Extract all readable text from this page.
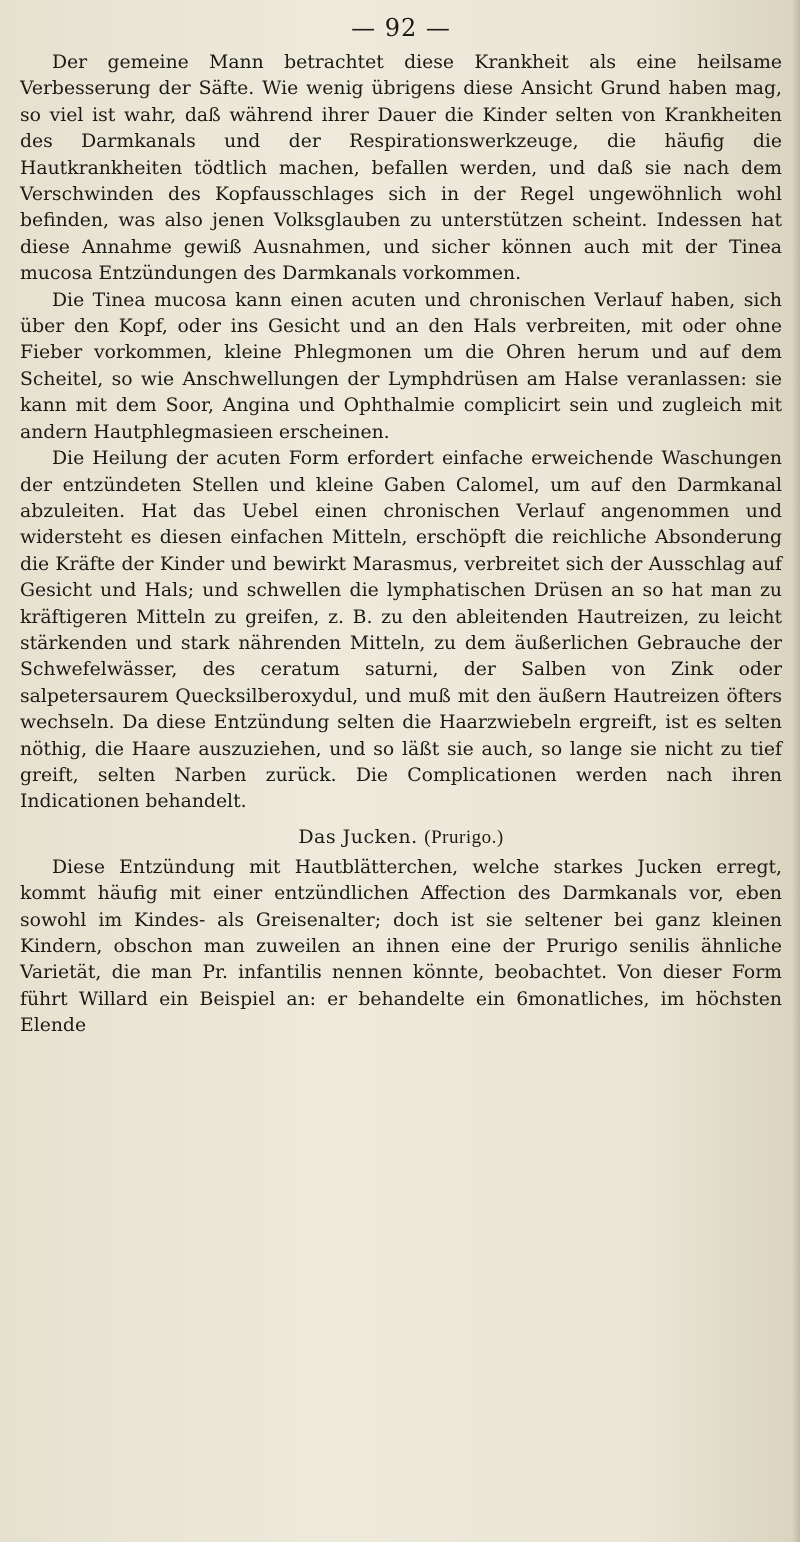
— 92 —

Der gemeine Mann betrachtet diese Krankheit als eine heilsame Verbesserung der Säfte. Wie wenig übrigens diese Ansicht Grund haben mag, so viel ist wahr, daß während ihrer Dauer die Kinder selten von Krankheiten des Darmkanals und der Respirationswerkzeuge, die häufig die Hautkrankheiten tödtlich machen, befallen werden, und daß sie nach dem Verschwinden des Kopfausschlages sich in der Regel ungewöhnlich wohl befinden, was also jenen Volksglauben zu unterstützen scheint. Indessen hat diese Annahme gewiß Ausnahmen, und sicher können auch mit der Tinea mucosa Entzündungen des Darmkanals vorkommen.

Die Tinea mucosa kann einen acuten und chronischen Verlauf haben, sich über den Kopf, oder ins Gesicht und an den Hals verbreiten, mit oder ohne Fieber vorkommen, kleine Phlegmonen um die Ohren herum und auf dem Scheitel, so wie Anschwellungen der Lymphdrüsen am Halse veranlassen: sie kann mit dem Soor, Angina und Ophthalmie complicirt sein und zugleich mit andern Hautphlegmasieen erscheinen.

Die Heilung der acuten Form erfordert einfache erweichende Waschungen der entzündeten Stellen und kleine Gaben Calomel, um auf den Darmkanal abzuleiten. Hat das Uebel einen chronischen Verlauf angenommen und widersteht es diesen einfachen Mitteln, erschöpft die reichliche Absonderung die Kräfte der Kinder und bewirkt Marasmus, verbreitet sich der Ausschlag auf Gesicht und Hals; und schwellen die lymphatischen Drüsen an so hat man zu kräftigeren Mitteln zu greifen, z. B. zu den ableitenden Hautreizen, zu leicht stärkenden und stark nährenden Mitteln, zu dem äußerlichen Gebrauche der Schwefelwässer, des ceratum saturni, der Salben von Zink oder salpetersaurem Quecksilberoxydul, und muß mit den äußern Hautreizen öfters wechseln. Da diese Entzündung selten die Haarzwiebeln ergreift, ist es selten nöthig, die Haare auszuziehen, und so läßt sie auch, so lange sie nicht zu tief greift, selten Narben zurück. Die Complicationen werden nach ihren Indicationen behandelt.

Das Jucken. (Prurigo.)

Diese Entzündung mit Hautblätterchen, welche starkes Jucken erregt, kommt häufig mit einer entzündlichen Affection des Darmkanals vor, eben sowohl im Kindes- als Greisenalter; doch ist sie seltener bei ganz kleinen Kindern, obschon man zuweilen an ihnen eine der Prurigo senilis ähnliche Varietät, die man Pr. infantilis nennen könnte, beobachtet. Von dieser Form führt Willard ein Beispiel an: er behandelte ein 6monatliches, im höchsten Elende
